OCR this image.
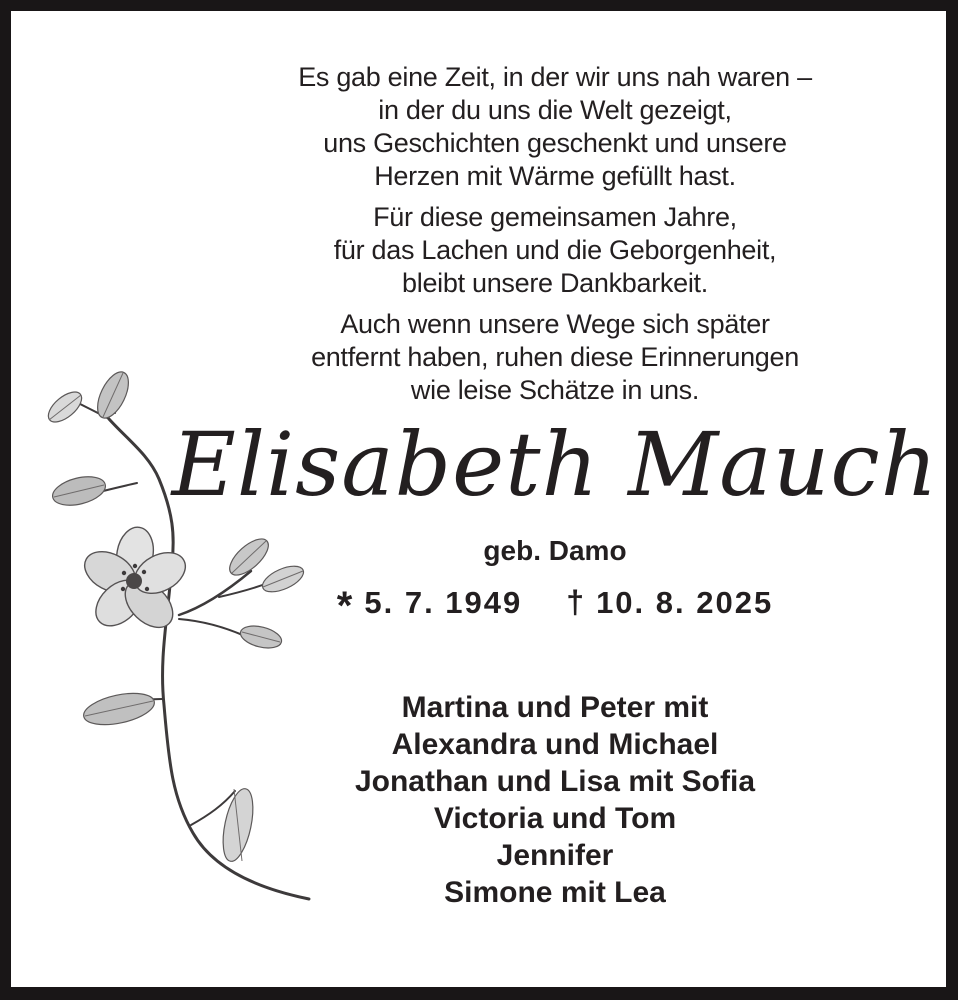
Es gab eine Zeit, in der wir uns nah waren –
in der du uns die Welt gezeigt,
uns Geschichten geschenkt und unsere
Herzen mit Wärme gefüllt hast.

Für diese gemeinsamen Jahre,
für das Lachen und die Geborgenheit,
bleibt unsere Dankbarkeit.

Auch wenn unsere Wege sich später
entfernt haben, ruhen diese Erinnerungen
wie leise Schätze in uns.

Elisabeth Mauch
geb. Damo
* 5. 7. 1949 † 10. 8. 2025
Martina und Peter mit
Alexandra und Michael
Jonathan und Lisa mit Sofia
Victoria und Tom
Jennifer
Simone mit Lea
